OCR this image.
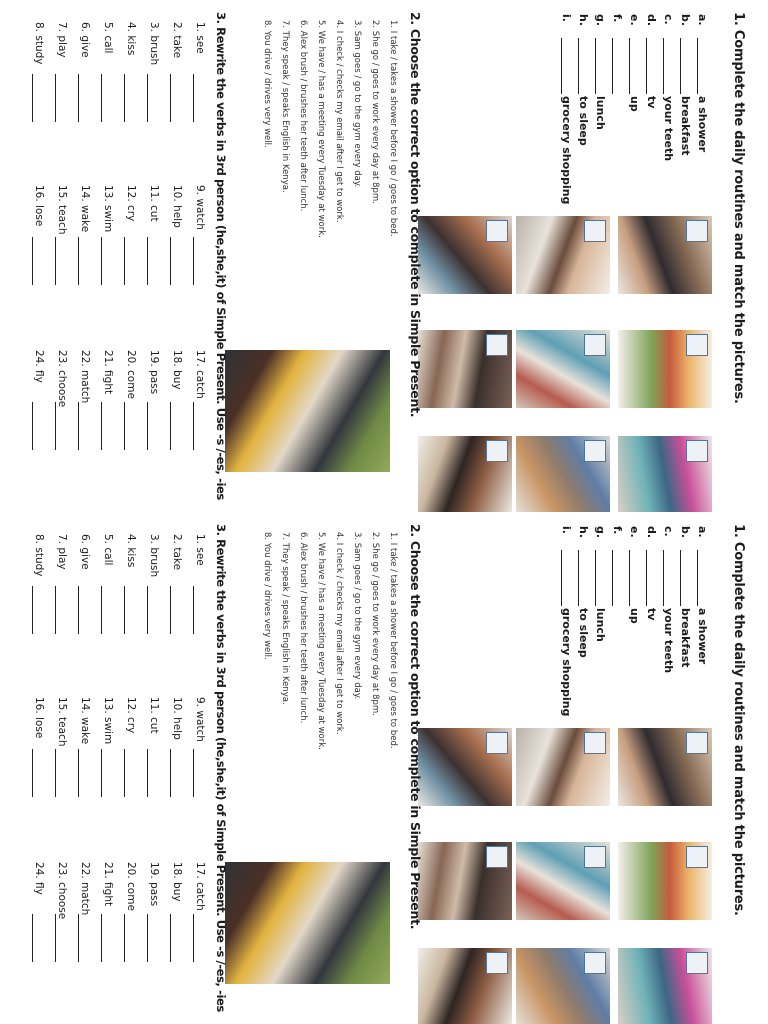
1. Complete the daily routines and match the pictures.
a.a shower
b.breakfast
c.your teeth
d.tv
e.up
f.
g.lunch
h.to sleep
i.grocery shopping
2. Choose the correct option to complete in Simple Present.
1. I take / takes a shower before I go / goes to bed.
2. She go / goes to work every day at 8pm.
3. Sam goes / go to the gym every day.
4. I check / checks my email after I get to work.
5. We have / has a meeting every Tuesday at work.
6. Alex brush / brushes her teeth after lunch.
7. They speak / speaks English in Kenya.
8. You drive / drives very well.
3. Rewrite the verbs in 3rd person (he,she,it) of Simple Present. Use -s /-es, -ies
1. see
2. take
3. brush
4. kiss
5. call
6. give
7. play
8. study
9. watch
10. help
11. cut
12. cry
13. swim
14. wake
15. teach
16. lose
17. catch
18. buy
19. pass
20. come
21. fight
22. match
23. choose
24. fly
1. Complete the daily routines and match the pictures.
a.a shower
b.breakfast
c.your teeth
d.tv
e.up
f.
g.lunch
h.to sleep
i.grocery shopping
2. Choose the correct option to complete in Simple Present.
1. I take / takes a shower before I go / goes to bed.
2. She go / goes to work every day at 8pm.
3. Sam goes / go to the gym every day.
4. I check / checks my email after I get to work.
5. We have / has a meeting every Tuesday at work.
6. Alex brush / brushes her teeth after lunch.
7. They speak / speaks English in Kenya.
8. You drive / drives very well.
3. Rewrite the verbs in 3rd person (he,she,it) of Simple Present. Use -s /-es, -ies
1. see
2. take
3. brush
4. kiss
5. call
6. give
7. play
8. study
9. watch
10. help
11. cut
12. cry
13. swim
14. wake
15. teach
16. lose
17. catch
18. buy
19. pass
20. come
21. fight
22. match
23. choose
24. fly
